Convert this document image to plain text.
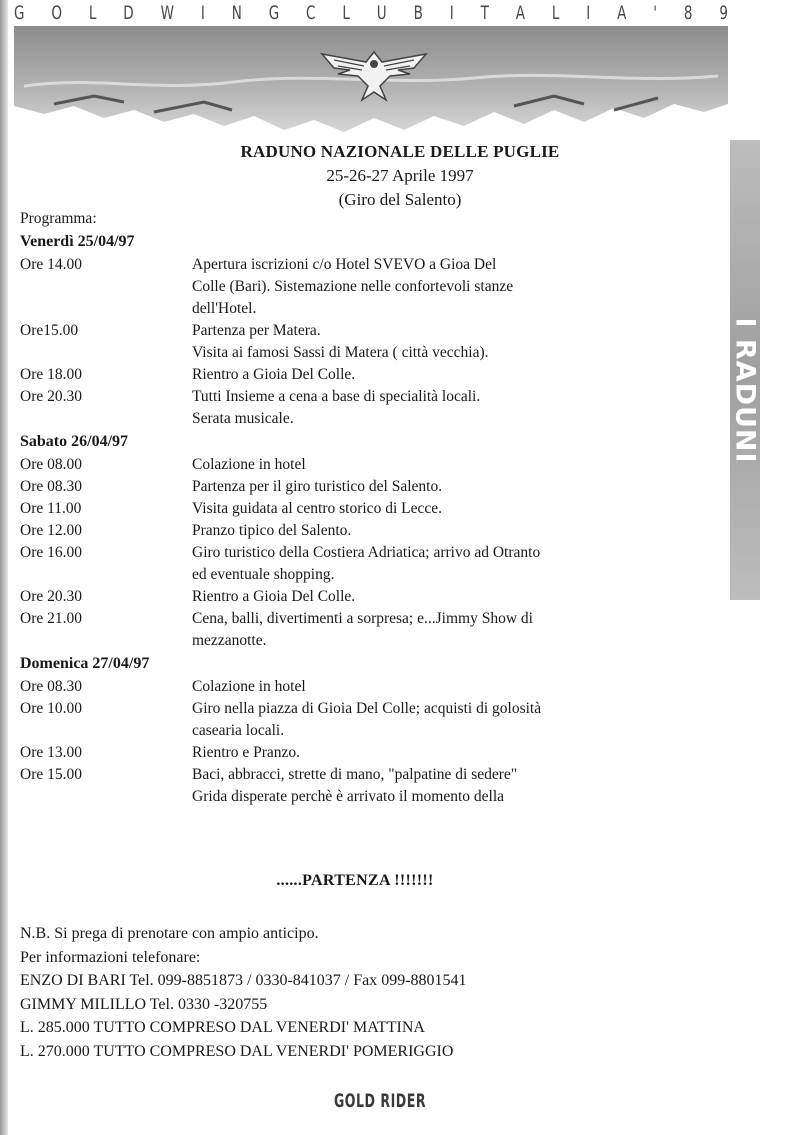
G O L D W I N G C L U B I T A L I A ' 8 9
I RADUNI
RADUNO NAZIONALE DELLE PUGLIE
25-26-27 Aprile 1997
(Giro del Salento)
Programma:
Venerdì 25/04/97
Ore 14.00	Apertura iscrizioni c/o Hotel SVEVO a Gioa Del
Colle (Bari). Sistemazione nelle confortevoli stanze
dell'Hotel.
Ore15.00	Partenza per Matera.
Visita ai famosi Sassi di Matera ( città vecchia).
Ore 18.00	Rientro a Gioia Del Colle.
Ore 20.30	Tutti Insieme a cena a base di specialità locali.
Serata musicale.
Sabato 26/04/97
Ore 08.00	Colazione in hotel
Ore 08.30	Partenza per il giro turistico del Salento.
Ore 11.00	Visita guidata al centro storico di Lecce.
Ore 12.00	Pranzo tipico del Salento.
Ore 16.00	Giro turistico della Costiera Adriatica; arrivo ad Otranto
ed eventuale shopping.
Ore 20.30	Rientro a Gioia Del Colle.
Ore 21.00	Cena, balli, divertimenti a sorpresa; e...Jimmy Show di
mezzanotte.
Domenica 27/04/97
Ore 08.30	Colazione in hotel
Ore 10.00	Giro nella piazza di Gioia Del Colle; acquisti di golosità
casearia locali.
Ore 13.00	Rientro e Pranzo.
Ore 15.00	Baci, abbracci, strette di mano, "palpatine di sedere"
Grida disperate perchè è arrivato il momento della
......PARTENZA !!!!!!!
N.B. Si prega di prenotare con ampio anticipo.
Per informazioni telefonare:
ENZO DI BARI Tel. 099-8851873 / 0330-841037 / Fax 099-8801541
GIMMY MILILLO Tel. 0330 -320755
L. 285.000 TUTTO COMPRESO DAL VENERDI' MATTINA
L. 270.000 TUTTO COMPRESO DAL VENERDI' POMERIGGIO
GOLD RIDER
